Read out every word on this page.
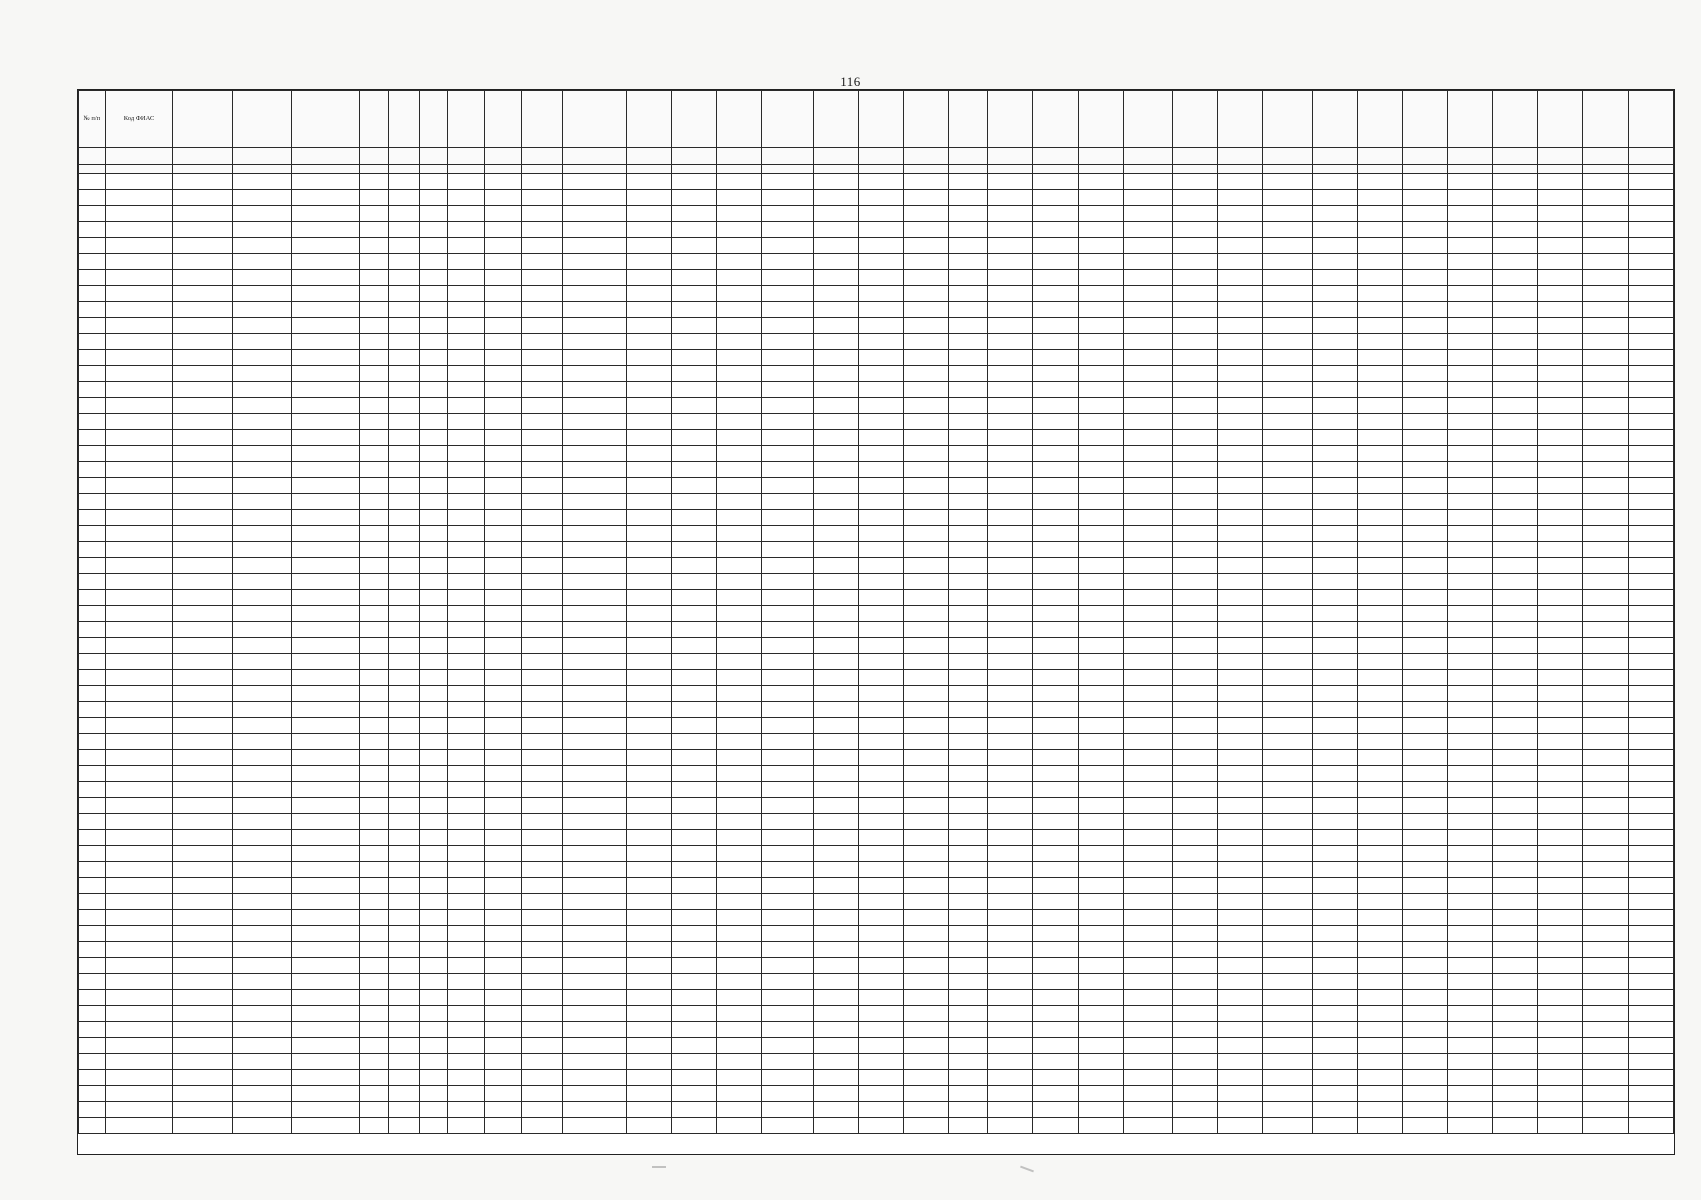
116
№ п/п	Код ФИАС																																	
